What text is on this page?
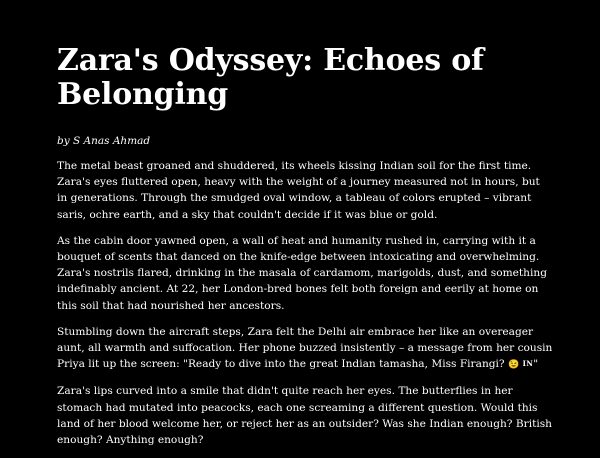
Zara's Odyssey: Echoes of Belonging

by S Anas Ahmad

The metal beast groaned and shuddered, its wheels kissing Indian soil for the first time. Zara's eyes fluttered open, heavy with the weight of a journey measured not in hours, but in generations. Through the smudged oval window, a tableau of colors erupted – vibrant saris, ochre earth, and a sky that couldn't decide if it was blue or gold.

As the cabin door yawned open, a wall of heat and humanity rushed in, carrying with it a bouquet of scents that danced on the knife-edge between intoxicating and overwhelming. Zara's nostrils flared, drinking in the masala of cardamom, marigolds, dust, and something indefinably ancient. At 22, her London-bred bones felt both foreign and eerily at home on this soil that had nourished her ancestors.

Stumbling down the aircraft steps, Zara felt the Delhi air embrace her like an overeager aunt, all warmth and suffocation. Her phone buzzed insistently – a message from her cousin Priya lit up the screen: "Ready to dive into the great Indian tamasha, Miss Firangi? 😉 IN"

Zara's lips curved into a smile that didn't quite reach her eyes. The butterflies in her stomach had mutated into peacocks, each one screaming a different question. Would this land of her blood welcome her, or reject her as an outsider? Was she Indian enough? British enough? Anything enough?
